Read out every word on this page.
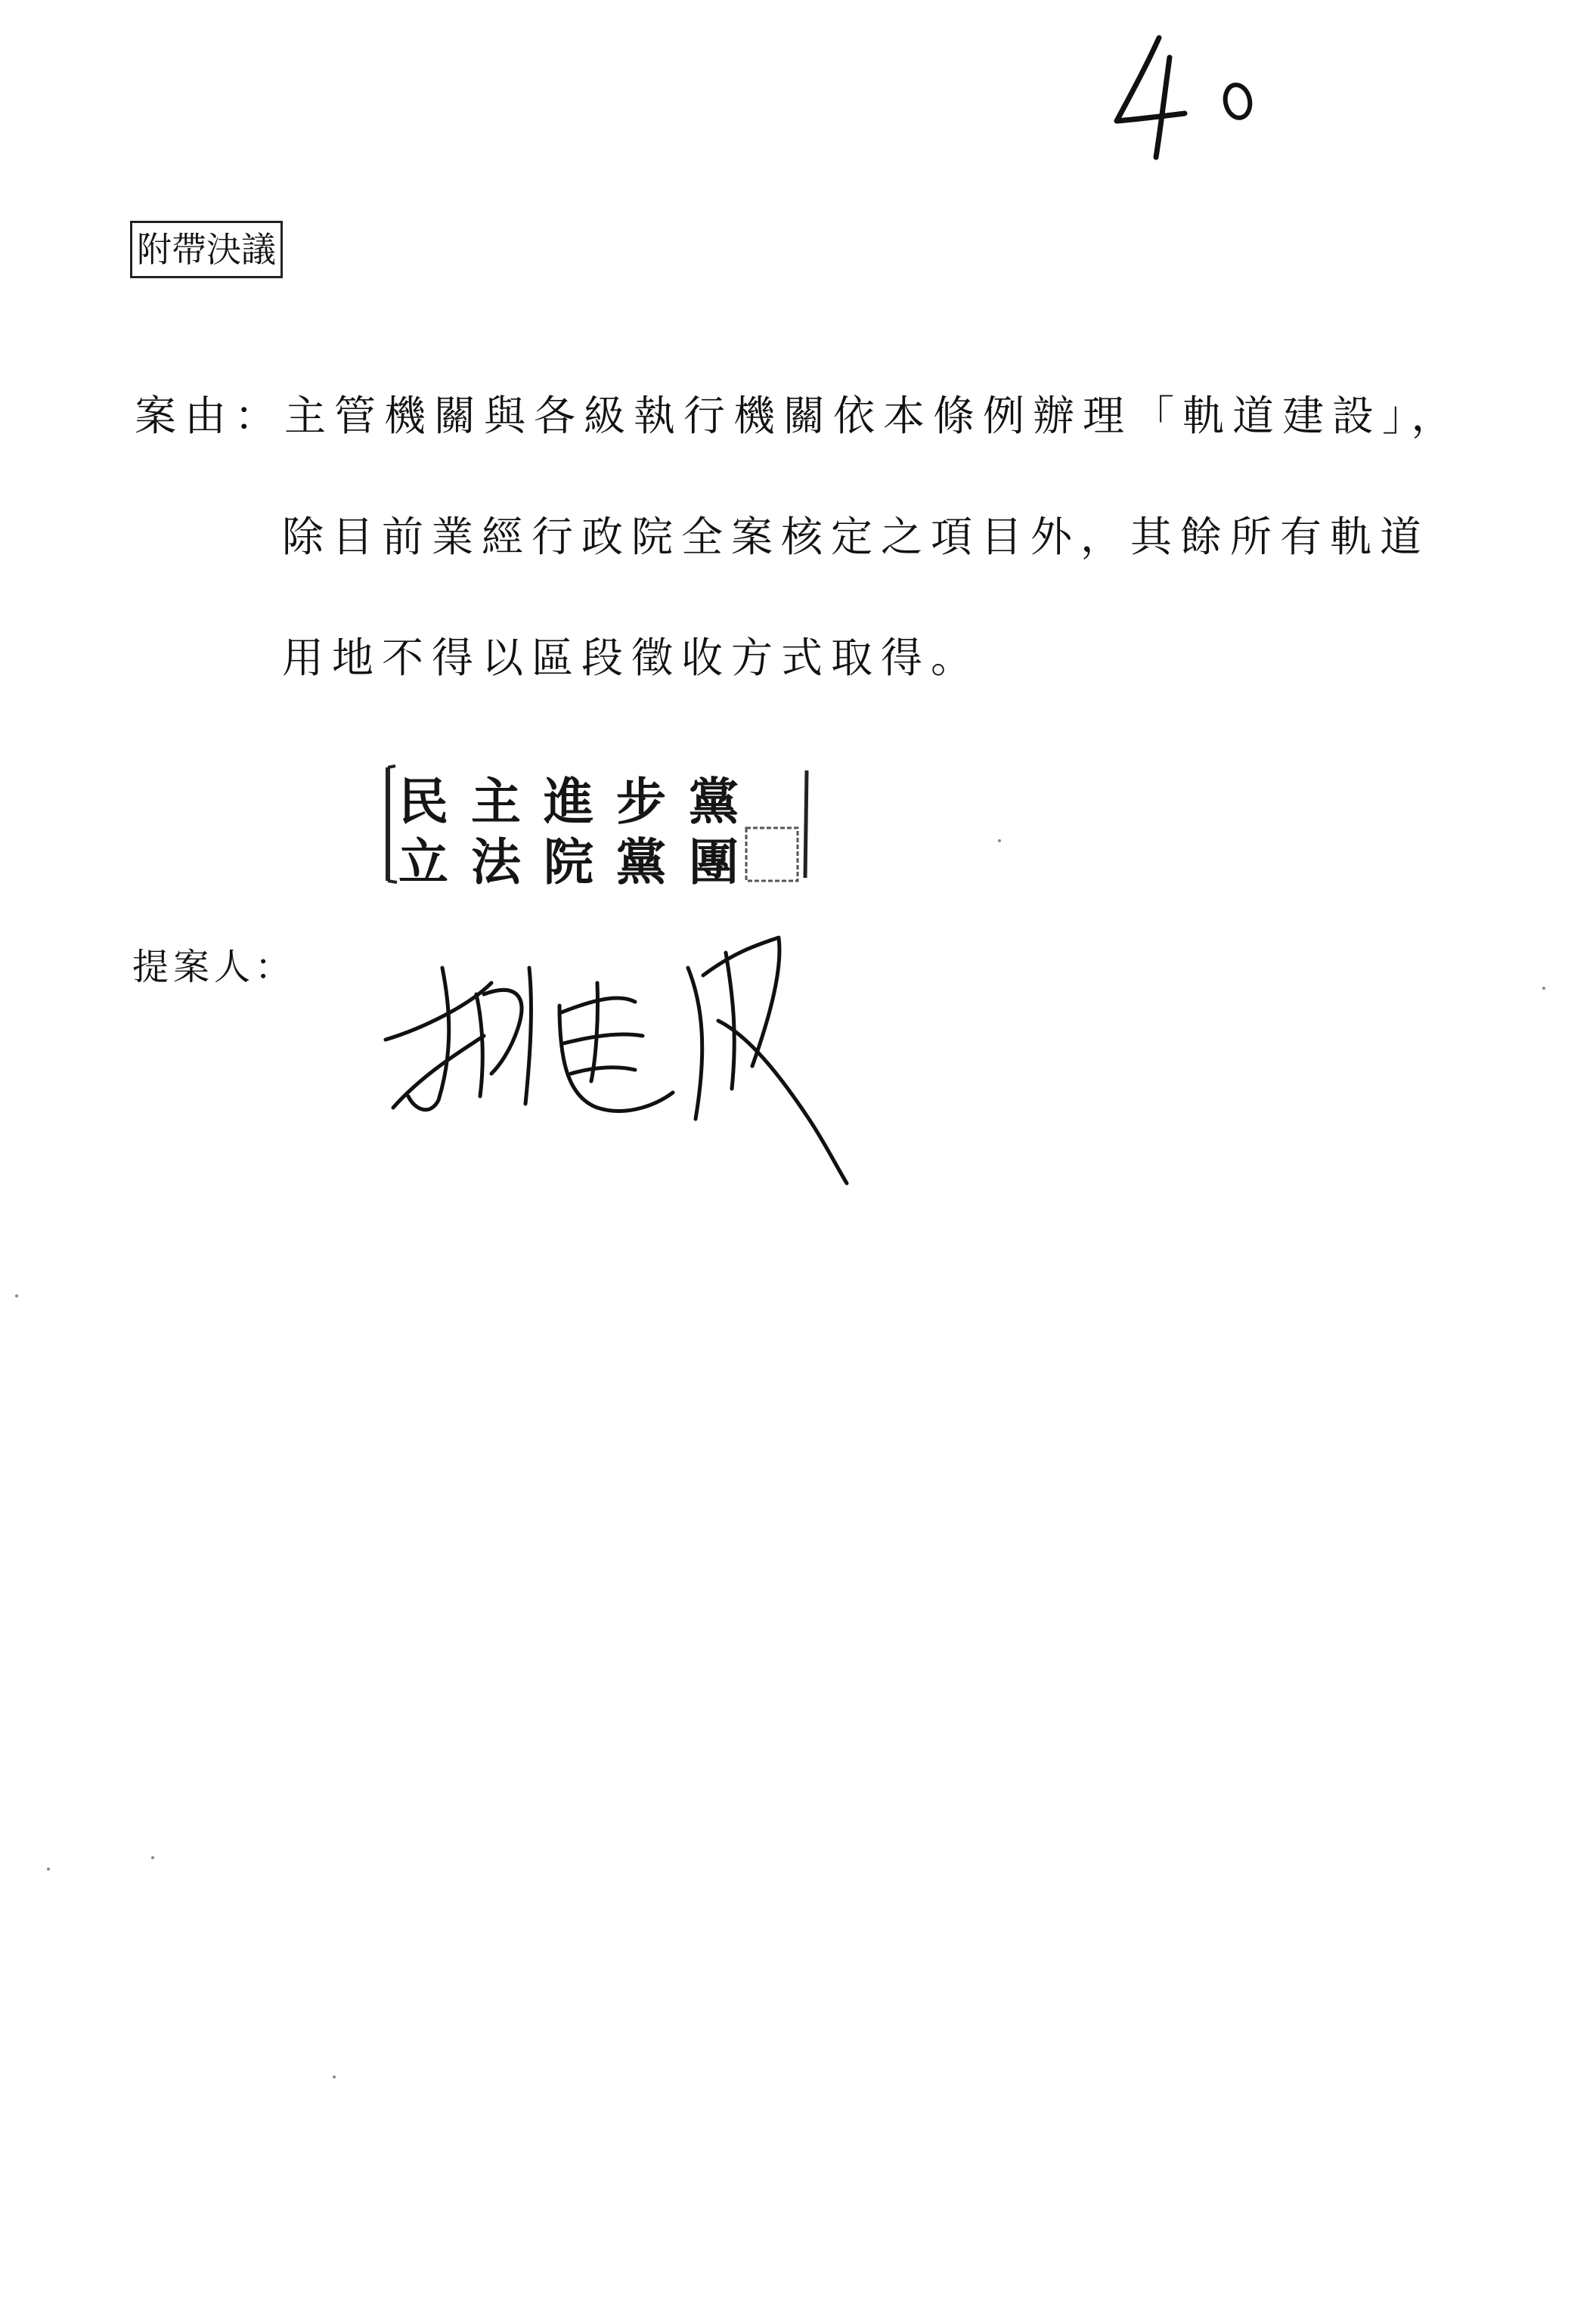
附帶決議
案由：主管機關與各級執行機關依本條例辦理「軌道建設」，
除目前業經行政院全案核定之項目外，其餘所有軌道
用地不得以區段徵收方式取得。
民主進步黨
立法院黨團
提案人：
